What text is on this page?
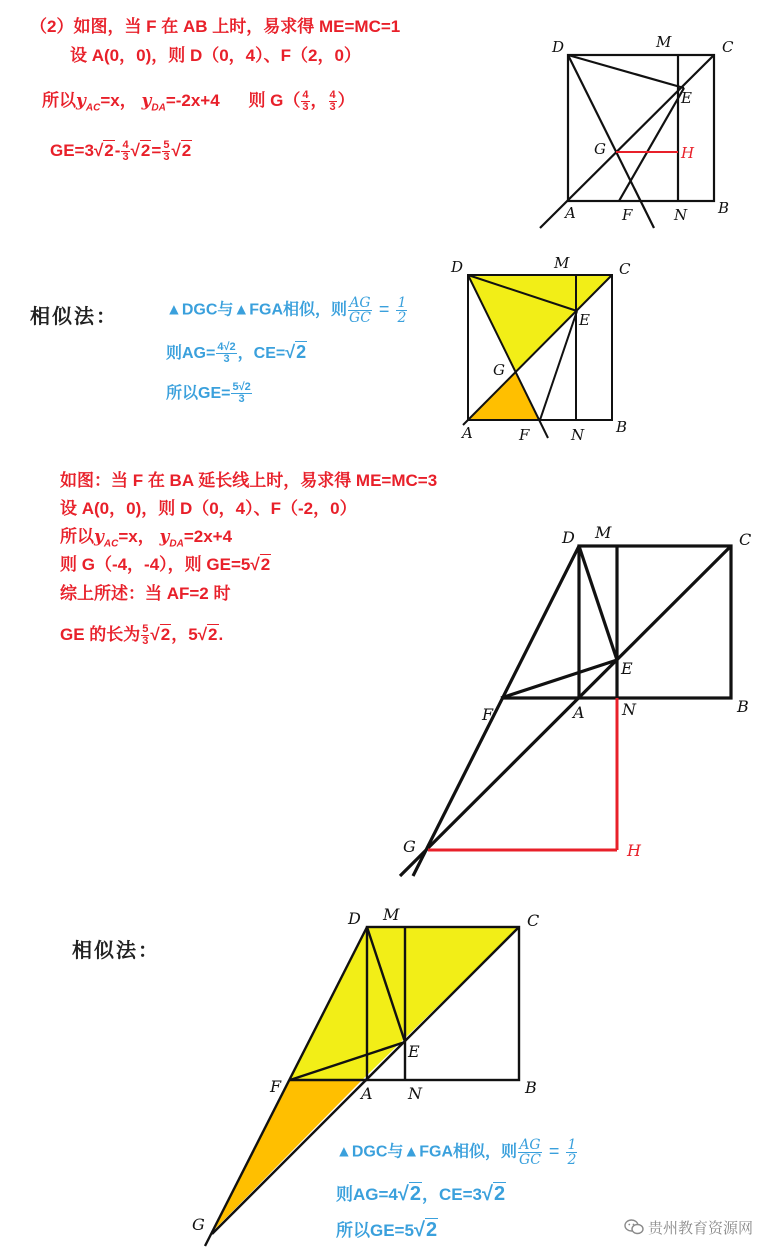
（2）如图，当 F 在 AB 上时，易求得 ME=MC=1
设 A(0，0)，则 D（0，4）、F（2，0）
所以$y_{AC}=x$， $y_{DA}=-2x+4$ 则 $G( \frac{4}{3}$ ， $\frac{4}{3}$ ）
$GE=3√2- \frac{4}{3} √2= \frac{5}{3} √2$
D	M	C
E
G	H
A	F	N B
相似法：	▲DGC与▲FGA相似，则 $\frac{AG}{GC} = \frac{1}{2}$
则$AG= \frac{4√2}{3}$ ，CE=√2
所以$GE= \frac{5√2}{3}$
D	M	C
E
G
A	F	N B
如图：当 F 在 BA 延长线上时，易求得 ME=MC=3
设 A(0，0)，则 D（0，4）、F（-2，0）
所以$y_{AC}=x$， $y_{DA}=2x+4$
则 G（-4，-4），则 GE=5√2
综上所述：当 AF=2 时
GE 的长为 $\frac{5}{3} √2$，5√2.
D M	C
E
F	A N	B
G	H
相似法：
D M	C
E
F	A N	B
G
▲DGC与▲FGA相似，则 $\frac{AG}{GC} = \frac{1}{2}$
则AG=4√2，CE=3√2
所以GE=5√2	贵州教育资源网
